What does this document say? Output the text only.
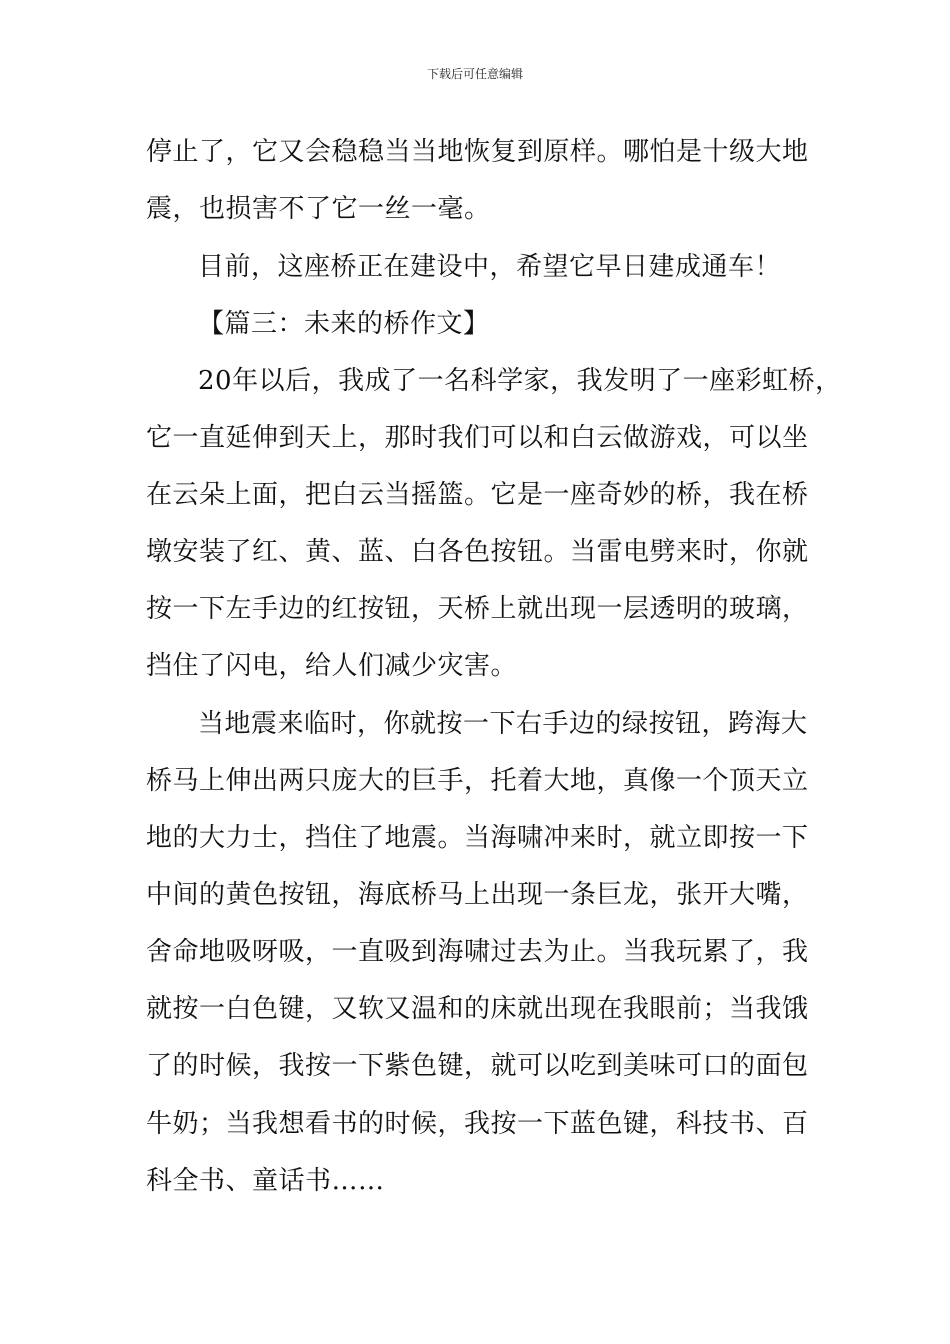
下载后可任意编辑
停止了，它又会稳稳当当地恢复到原样。哪怕是十级大地
震，也损害不了它一丝一毫。
目前，这座桥正在建设中，希望它早日建成通车！
【篇三：未来的桥作文】
20年以后，我成了一名科学家，我发明了一座彩虹桥，
它一直延伸到天上，那时我们可以和白云做游戏，可以坐
在云朵上面，把白云当摇篮。它是一座奇妙的桥，我在桥
墩安装了红、黄、蓝、白各色按钮。当雷电劈来时，你就
按一下左手边的红按钮，天桥上就出现一层透明的玻璃，
挡住了闪电，给人们减少灾害。
当地震来临时，你就按一下右手边的绿按钮，跨海大
桥马上伸出两只庞大的巨手，托着大地，真像一个顶天立
地的大力士，挡住了地震。当海啸冲来时，就立即按一下
中间的黄色按钮，海底桥马上出现一条巨龙，张开大嘴，
舍命地吸呀吸，一直吸到海啸过去为止。当我玩累了，我
就按一白色键，又软又温和的床就出现在我眼前；当我饿
了的时候，我按一下紫色键，就可以吃到美味可口的面包
牛奶；当我想看书的时候，我按一下蓝色键，科技书、百
科全书、童话书……
